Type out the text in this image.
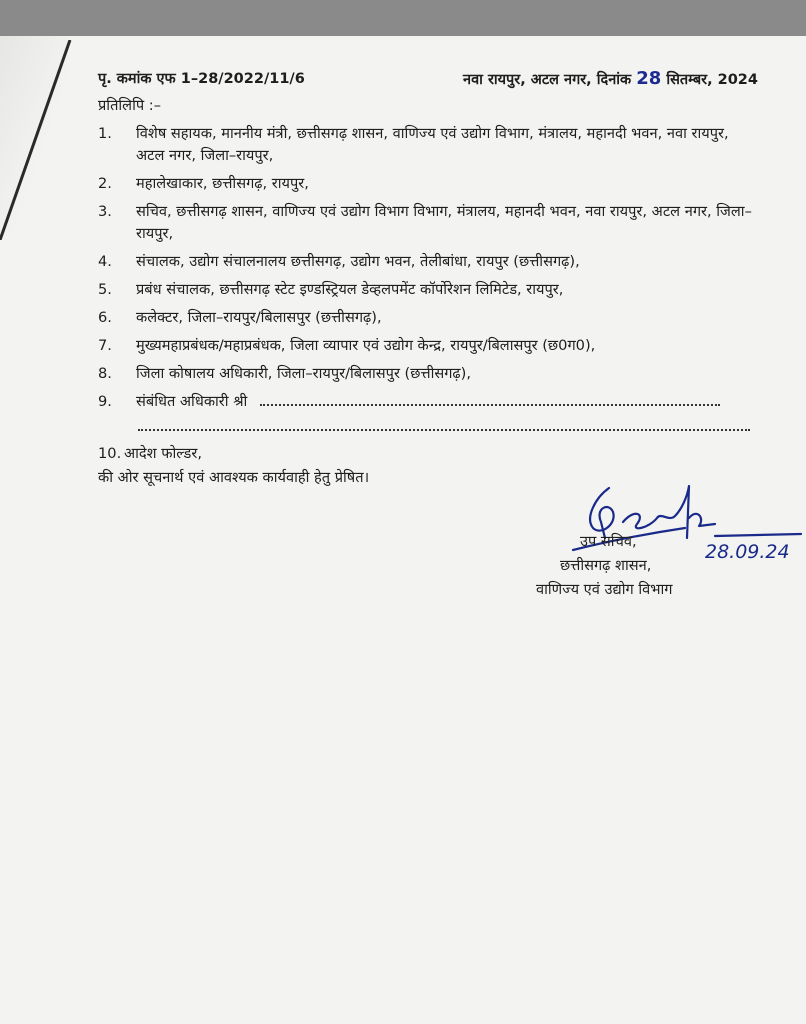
पृ. कमांक एफ 1–28/2022/11/6	नवा रायपुर, अटल नगर, दिनांक 28 सितम्बर, 2024
प्रतिलिपि :–
1.	विशेष सहायक, माननीय मंत्री, छत्तीसगढ़ शासन, वाणिज्य एवं उद्योग विभाग, मंत्रालय, महानदी भवन, नवा रायपुर, अटल नगर, जिला–रायपुर,
2.	महालेखाकार, छत्तीसगढ़, रायपुर,
3.	सचिव, छत्तीसगढ़ शासन, वाणिज्य एवं उद्योग विभाग विभाग, मंत्रालय, महानदी भवन, नवा रायपुर, अटल नगर, जिला–रायपुर,
4.	संचालक, उद्योग संचालनालय छत्तीसगढ़, उद्योग भवन, तेलीबांधा, रायपुर (छत्तीसगढ़),
5.	प्रबंध संचालक, छत्तीसगढ़ स्टेट इण्डस्ट्रियल डेव्हलपमेंट कॉर्पोरेशन लिमिटेड, रायपुर,
6.	कलेक्टर, जिला–रायपुर/बिलासपुर (छत्तीसगढ़),
7.	मुख्यमहाप्रबंधक/महाप्रबंधक, जिला व्यापार एवं उद्योग केन्द्र, रायपुर/बिलासपुर (छ0ग0),
8.	जिला कोषालय अधिकारी, जिला–रायपुर/बिलासपुर (छत्तीसगढ़),
9.	संबंधित अधिकारी श्री
10. आदेश फोल्डर,
की ओर सूचनार्थ एवं आवश्यक कार्यवाही हेतु प्रेषित।
28.09.24
उप सचिव,
छत्तीसगढ़ शासन,
वाणिज्य एवं उद्योग विभाग
